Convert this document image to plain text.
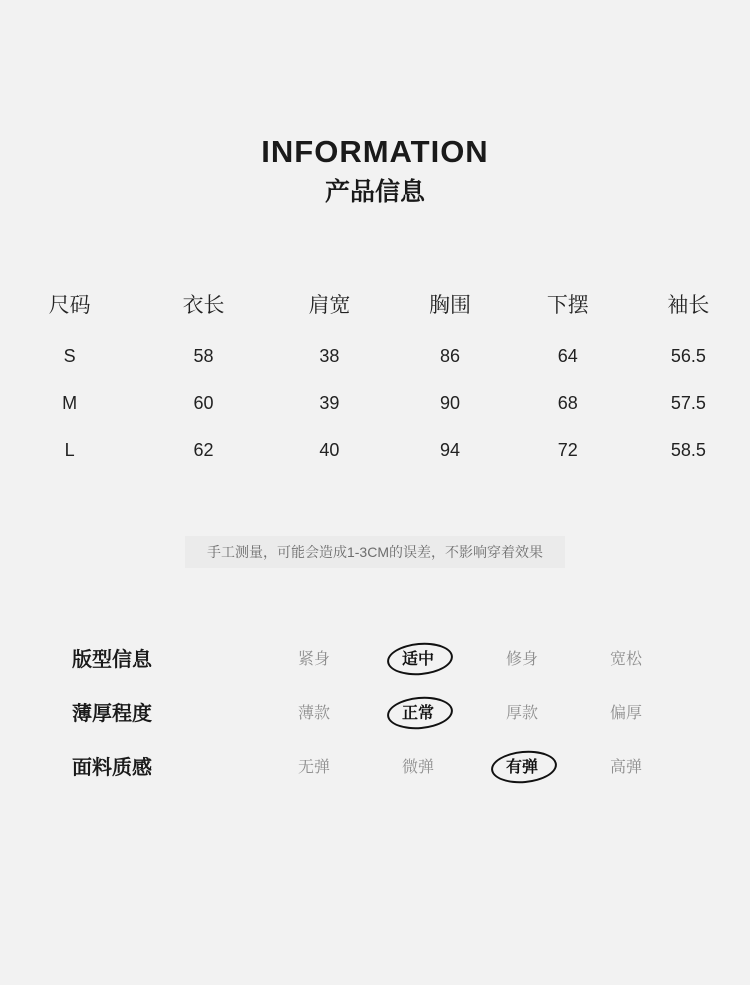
INFORMATION
产品信息
尺码	衣长	肩宽	胸围	下摆	袖长
S	58	38	86	64	56.5
M	60	39	90	68	57.5
L	62	40	94	72	58.5
手工测量，可能会造成1-3CM的误差，不影响穿着效果
版型信息	紧身	适中	修身	宽松
薄厚程度	薄款	正常	厚款	偏厚
面料质感	无弹	微弹	有弹	高弹
